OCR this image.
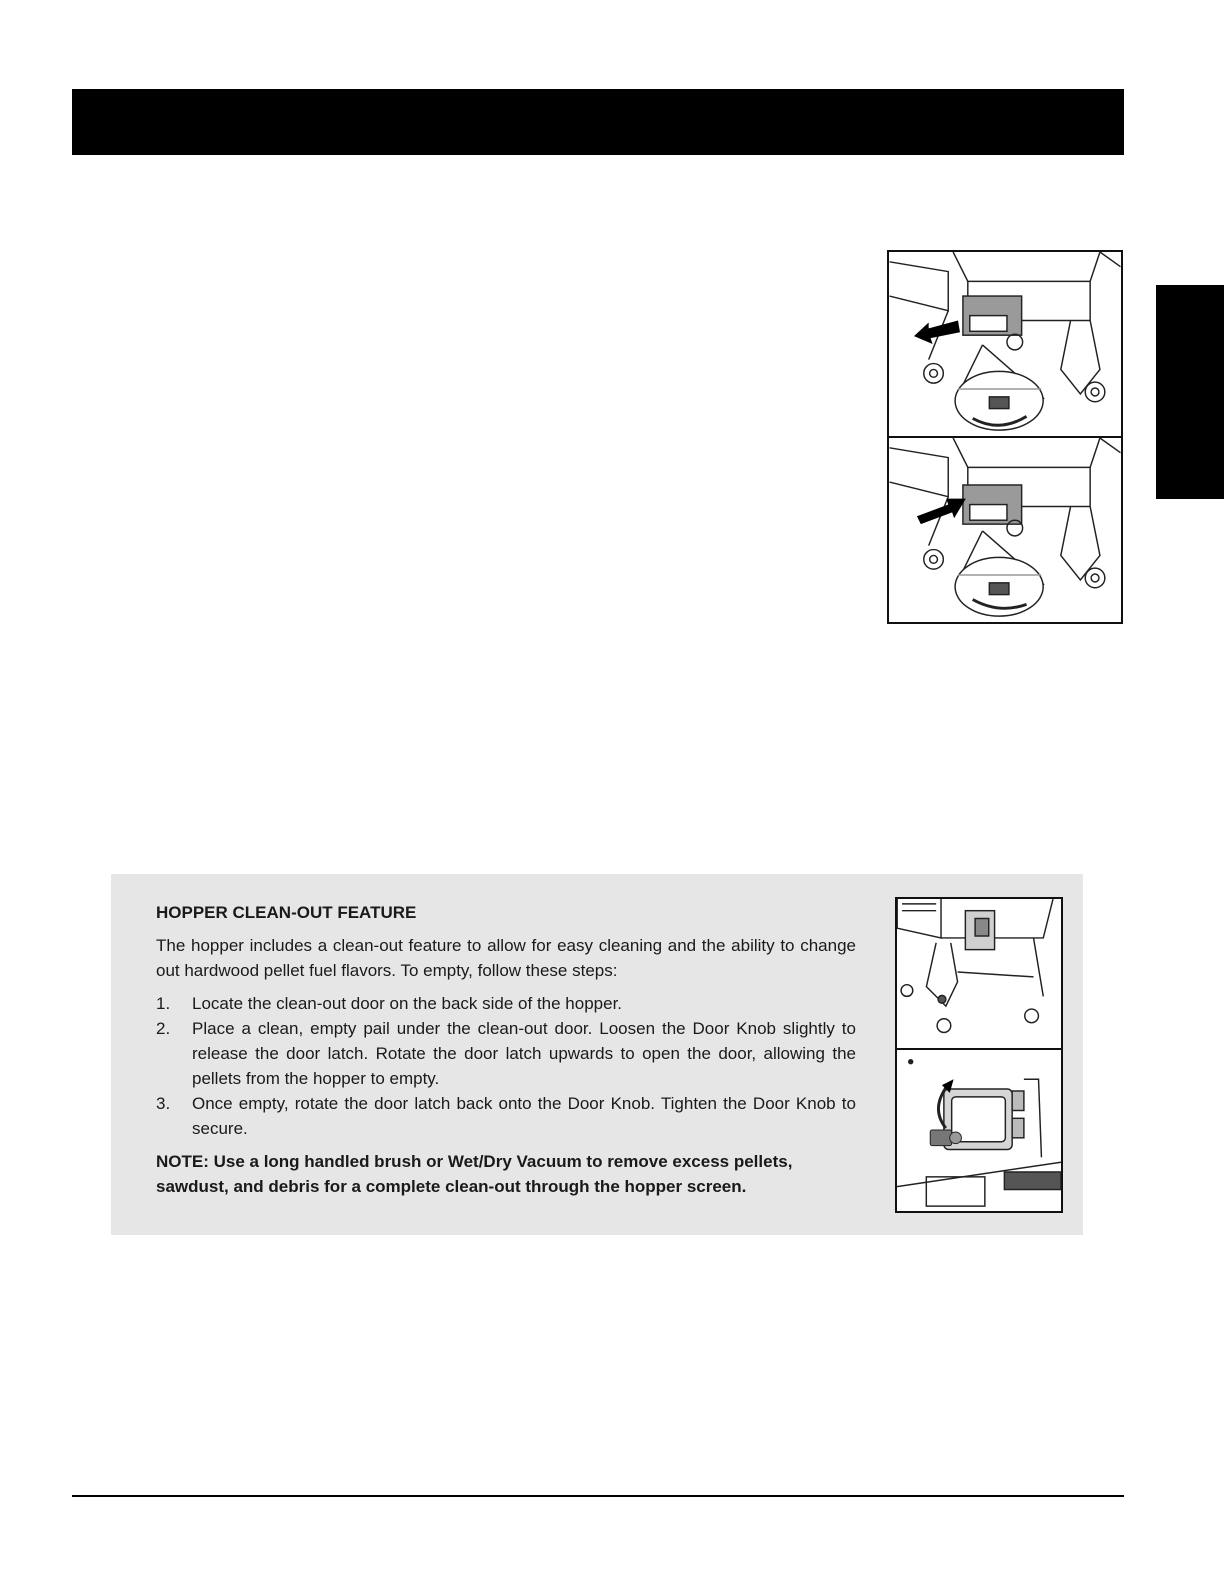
HOPPER CLEAN-OUT FEATURE

The hopper includes a clean-out feature to allow for easy cleaning and the ability to change out hardwood pellet fuel flavors. To empty, follow these steps:

1. Locate the clean-out door on the back side of the hopper.
2. Place a clean, empty pail under the clean-out door. Loosen the Door Knob slightly to release the door latch. Rotate the door latch upwards to open the door, allowing the pellets from the hopper to empty.
3. Once empty, rotate the door latch back onto the Door Knob. Tighten the Door Knob to secure.

NOTE: Use a long handled brush or Wet/Dry Vacuum to remove excess pellets, sawdust, and debris for a complete clean-out through the hopper screen.
